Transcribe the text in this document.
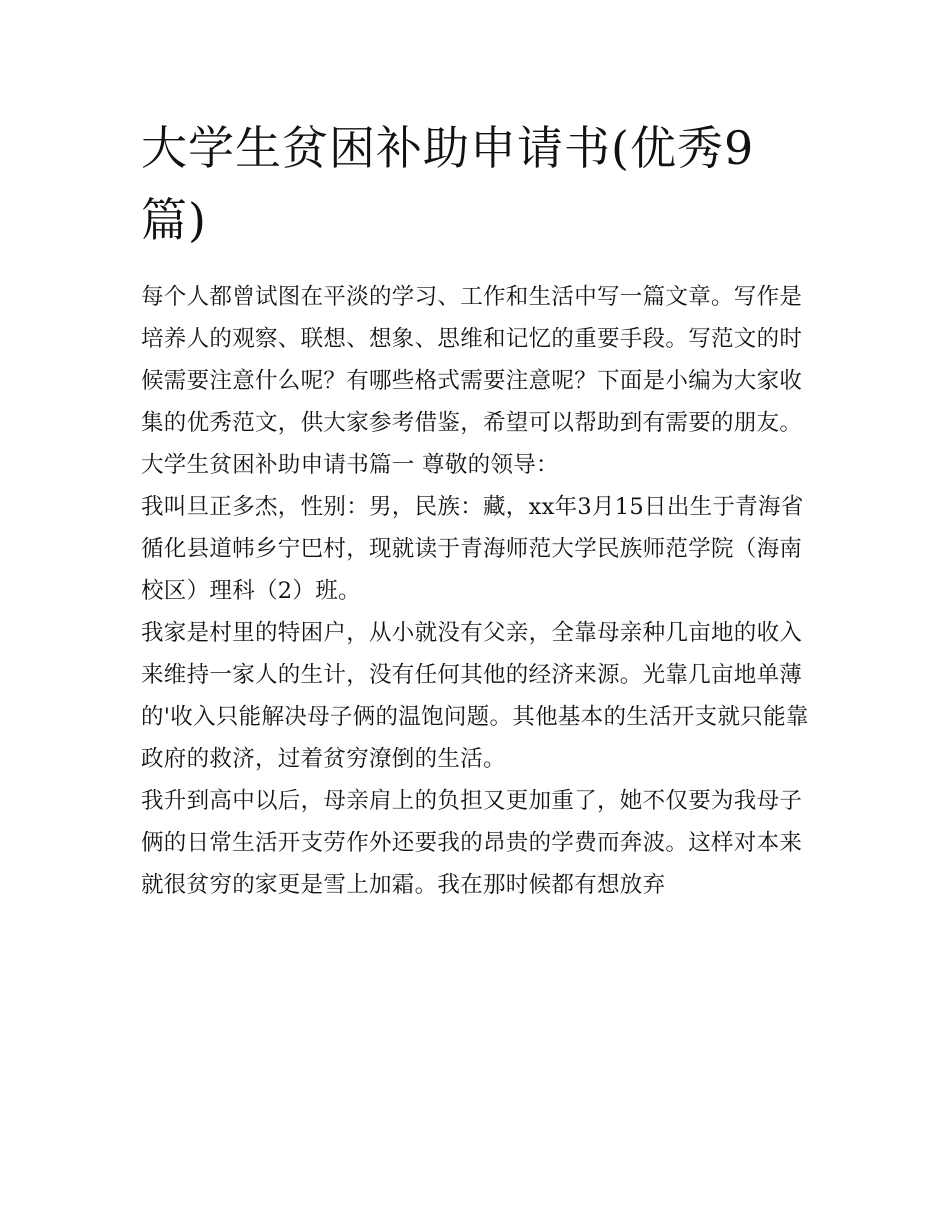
大学生贫困补助申请书(优秀9篇)

每个人都曾试图在平淡的学习、工作和生活中写一篇文章。写作是培养人的观察、联想、想象、思维和记忆的重要手段。写范文的时候需要注意什么呢？有哪些格式需要注意呢？下面是小编为大家收集的优秀范文，供大家参考借鉴，希望可以帮助到有需要的朋友。

大学生贫困补助申请书篇一 尊敬的领导：

我叫旦正多杰，性别：男，民族：藏，xx年3月15日出生于青海省循化县道帏乡宁巴村，现就读于青海师范大学民族师范学院（海南校区）理科（2）班。

我家是村里的特困户，从小就没有父亲，全靠母亲种几亩地的收入来维持一家人的生计，没有任何其他的经济来源。光靠几亩地单薄的'收入只能解决母子俩的温饱问题。其他基本的生活开支就只能靠政府的救济，过着贫穷潦倒的生活。

我升到高中以后，母亲肩上的负担又更加重了，她不仅要为我母子俩的日常生活开支劳作外还要我的昂贵的学费而奔波。这样对本来就很贫穷的家更是雪上加霜。我在那时候都有想放弃
